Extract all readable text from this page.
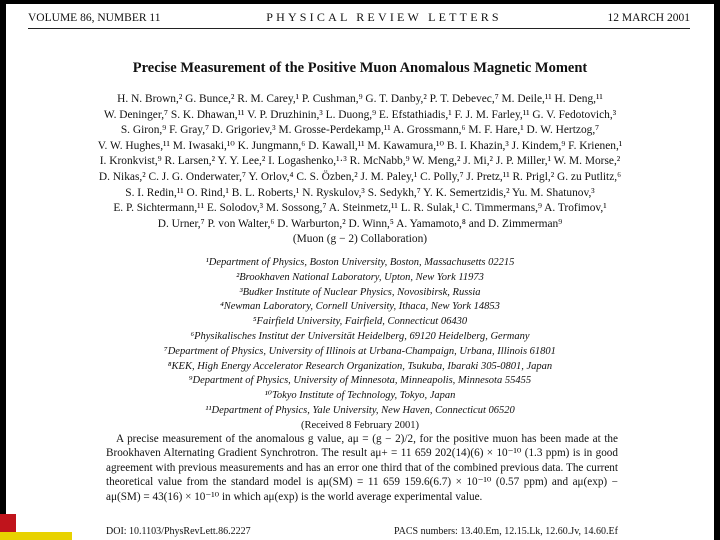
VOLUME 86, NUMBER 11	PHYSICAL REVIEW LETTERS	12 MARCH 2001
Precise Measurement of the Positive Muon Anomalous Magnetic Moment
H. N. Brown,² G. Bunce,² R. M. Carey,¹ P. Cushman,⁹ G. T. Danby,² P. T. Debevec,⁷ M. Deile,¹¹ H. Deng,¹¹
W. Deninger,⁷ S. K. Dhawan,¹¹ V. P. Druzhinin,³ L. Duong,⁹ E. Efstathiadis,¹ F. J. M. Farley,¹¹ G. V. Fedotovich,³
S. Giron,⁹ F. Gray,⁷ D. Grigoriev,³ M. Grosse-Perdekamp,¹¹ A. Grossmann,⁶ M. F. Hare,¹ D. W. Hertzog,⁷
V. W. Hughes,¹¹ M. Iwasaki,¹⁰ K. Jungmann,⁶ D. Kawall,¹¹ M. Kawamura,¹⁰ B. I. Khazin,³ J. Kindem,⁹ F. Krienen,¹
I. Kronkvist,⁹ R. Larsen,² Y. Y. Lee,² I. Logashenko,¹·³ R. McNabb,⁹ W. Meng,² J. Mi,² J. P. Miller,¹ W. M. Morse,²
D. Nikas,² C. J. G. Onderwater,⁷ Y. Orlov,⁴ C. S. Özben,² J. M. Paley,¹ C. Polly,⁷ J. Pretz,¹¹ R. Prigl,² G. zu Putlitz,⁶
S. I. Redin,¹¹ O. Rind,¹ B. L. Roberts,¹ N. Ryskulov,³ S. Sedykh,⁷ Y. K. Semertzidis,² Yu. M. Shatunov,³
E. P. Sichtermann,¹¹ E. Solodov,³ M. Sossong,⁷ A. Steinmetz,¹¹ L. R. Sulak,¹ C. Timmermans,⁹ A. Trofimov,¹
D. Urner,⁷ P. von Walter,⁶ D. Warburton,² D. Winn,⁵ A. Yamamoto,⁸ and D. Zimmerman⁹
(Muon (g − 2) Collaboration)
¹Department of Physics, Boston University, Boston, Massachusetts 02215
²Brookhaven National Laboratory, Upton, New York 11973
³Budker Institute of Nuclear Physics, Novosibirsk, Russia
⁴Newman Laboratory, Cornell University, Ithaca, New York 14853
⁵Fairfield University, Fairfield, Connecticut 06430
⁶Physikalisches Institut der Universität Heidelberg, 69120 Heidelberg, Germany
⁷Department of Physics, University of Illinois at Urbana-Champaign, Urbana, Illinois 61801
⁸KEK, High Energy Accelerator Research Organization, Tsukuba, Ibaraki 305-0801, Japan
⁹Department of Physics, University of Minnesota, Minneapolis, Minnesota 55455
¹⁰Tokyo Institute of Technology, Tokyo, Japan
¹¹Department of Physics, Yale University, New Haven, Connecticut 06520
(Received 8 February 2001)
A precise measurement of the anomalous g value, aμ = (g − 2)/2, for the positive muon has been made at the Brookhaven Alternating Gradient Synchrotron. The result aμ+ = 11 659 202(14)(6) × 10⁻¹⁰ (1.3 ppm) is in good agreement with previous measurements and has an error one third that of the combined previous data. The current theoretical value from the standard model is aμ(SM) = 11 659 159.6(6.7) × 10⁻¹⁰ (0.57 ppm) and aμ(exp) − aμ(SM) = 43(16) × 10⁻¹⁰ in which aμ(exp) is the world average experimental value.
DOI: 10.1103/PhysRevLett.86.2227	PACS numbers: 13.40.Em, 12.15.Lk, 12.60.Jv, 14.60.Ef
